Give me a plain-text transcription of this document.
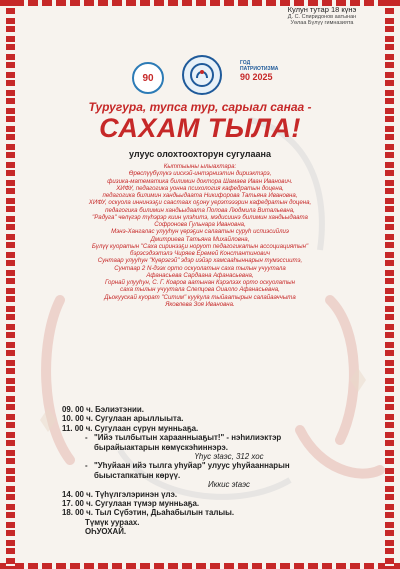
Кулун тутар 18 күнэ
Д. С. Спиридонов аатынан
Уөлаа Бүлүү гимназията
90
ГОД ПАТРИОТИЗМА
90 2025
Туругура, тупса тур, сарыал санаа -
САХАМ ТЫЛА!
улуус олохтоохторун сугулаана
Кыттыыны ылыахтара:
Өрөспүүбүлүкэ иискэй-интэрниэтин дириэктэрэ,
физика-математика билимин доктора Шамаев Иван Иванович.
ХИФУ, педагогика уонна психология кафедратын доцена,
педагогика билимин хандьыдаата Никифорова Татьяна Ивановна,
ХИФУ, оскуола иннинээҕи саастаах оҕону уерэтэээрин кафедратын доцена,
педагогика билимин хандьыдаата Попова Людмила Витальевна,
"Радуга" чөлүгэр түһэрэр киин үлэһитэ, мэдисиинэ билимин хандьыдаата
Софронова Гульнара Ивановна,
Мэнэ-Хангалас улууһун үөрэҕин салаатын суруһ испиэсийлиэ
Дмитриева Татьяна Михайловна,
Бүлүү куоратын "Саха сиринээҕи норуот педагогикатын ассоциациятын"
бэрэсэдээтэлэ Чиряев Еремей Константинович
Сунтаар улууһун "Күөрэгэй" эдэр иэйэр хамсааһыннарын тумэссиитэ,
Сунтаар 2 N-дээх орто оскуолатын саха тылын учуутала
Афанасьева Сардаана Афанасьевна,
Горнай улууһун, С. Г. Ковров аатынан Кэрэлээх орто оскуолатын
саха тылын учуутала Слепцова Оиалло Афанасьевна,
Дьокуускай куорат "Ситим" кууkула тыйаатырын салайааччыта
Яковлева Зоя Ивановна.
09. 00 ч. Бэлиэтэнии.
10. 00 ч. Сугулаан арыллыыта.
11. 00 ч. Сугулаан сүрүн мунньаҕа.
- "Ийэ тылбытын хараанныаҕыт!" - нэһилиэктэр
бырайыактарын көмүскэһиннэрэ.
Үһус эtaэс, 312 хос
- "Уһуйаан ийэ тылга уһуйар" улуус уһуйааннарын
быыстапкатын көрүү.
Иккис эtaэс
14. 00 ч. Түһүлгэлэринэн үлэ.
17. 00 ч. Сугулаан түмэр мунньаҕа.
18. 00 ч. Тыл Сүбэтин, Дьаһабылын талыы.
Түмүк уураах.
ОҺУОХАЙ.
